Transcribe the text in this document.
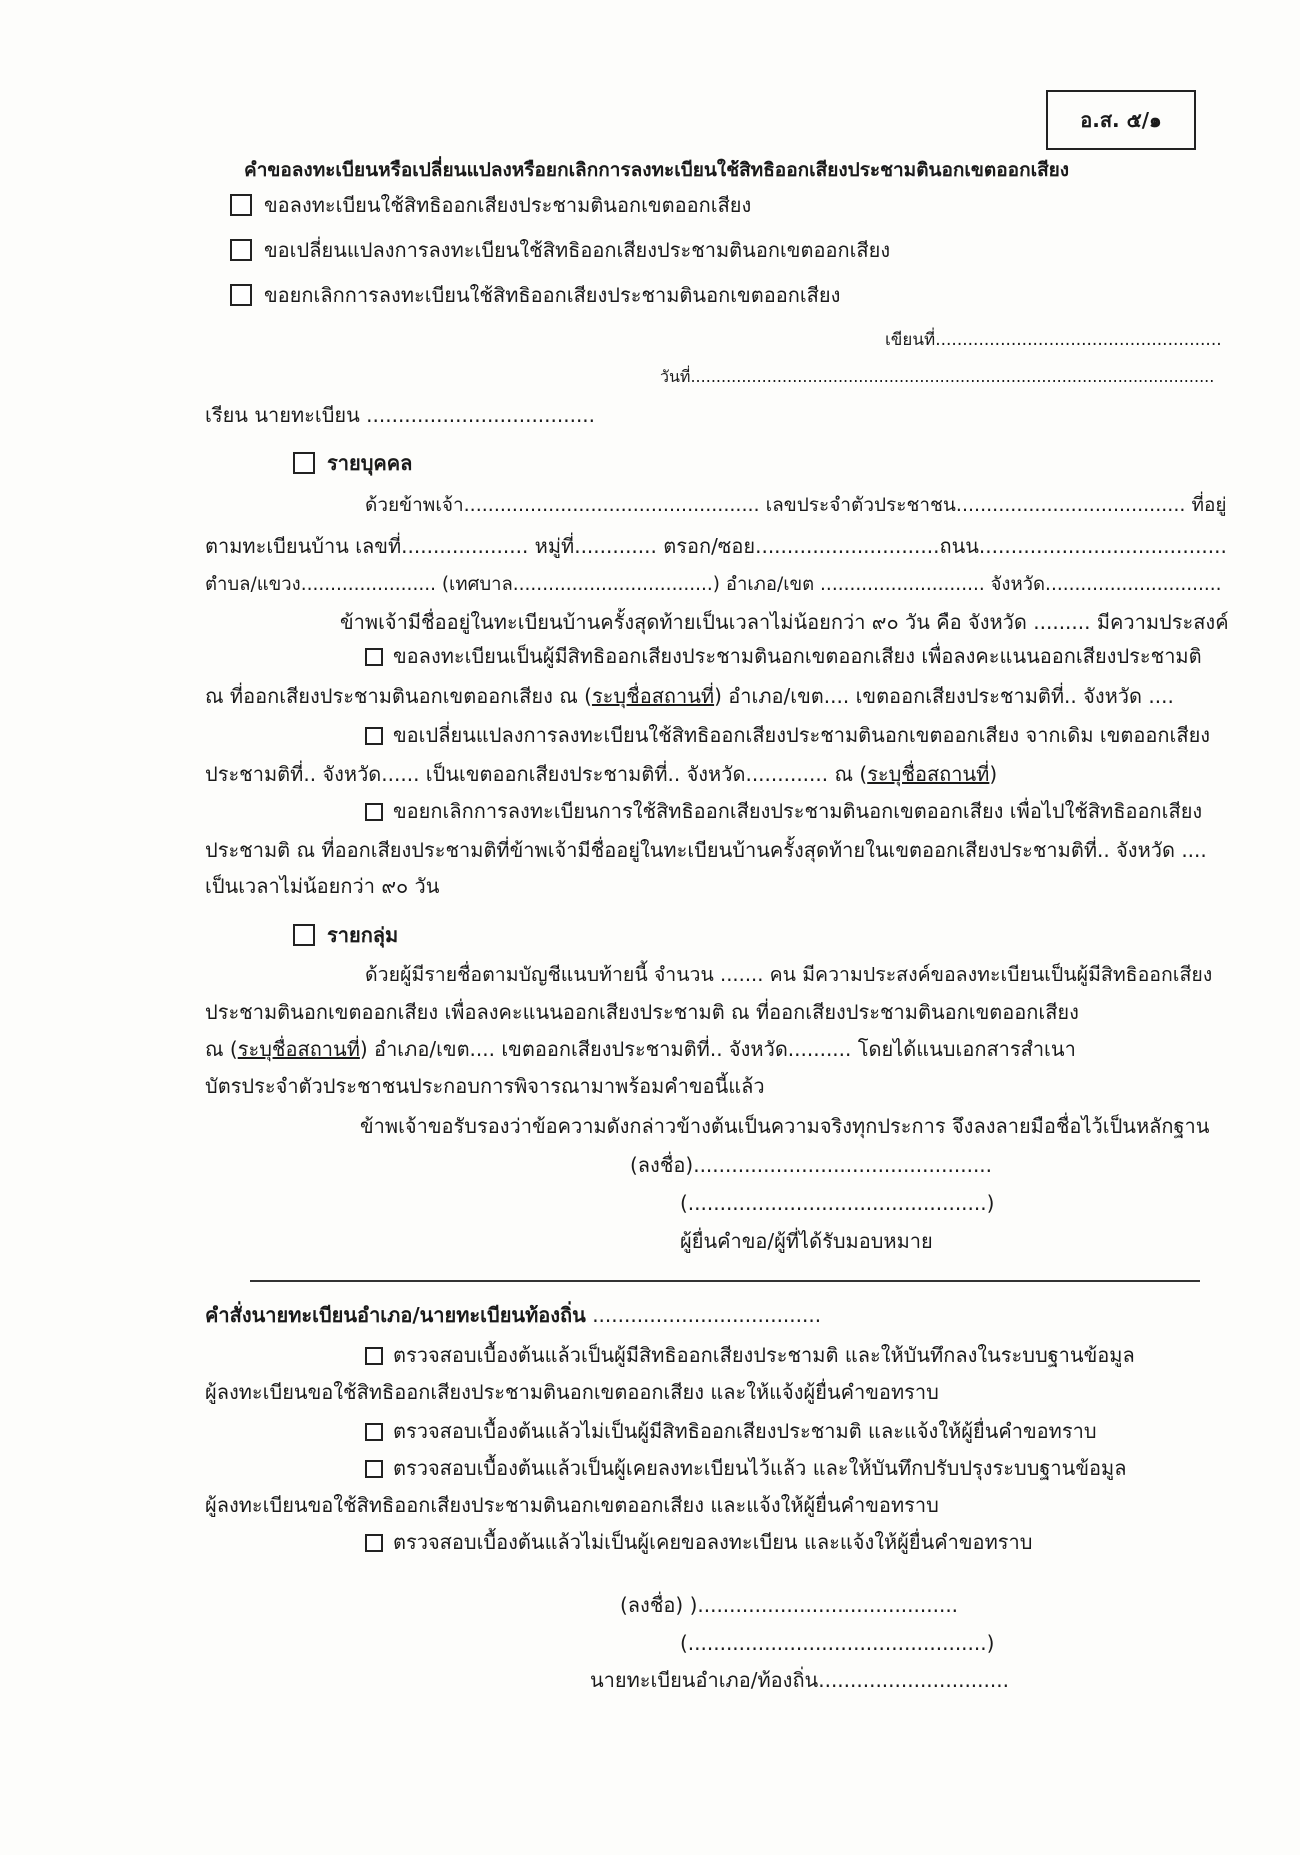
อ.ส. ๕/๑
คำขอลงทะเบียนหรือเปลี่ยนแปลงหรือยกเลิกการลงทะเบียนใช้สิทธิออกเสียงประชามตินอกเขตออกเสียง
ขอลงทะเบียนใช้สิทธิออกเสียงประชามตินอกเขตออกเสียง
ขอเปลี่ยนแปลงการลงทะเบียนใช้สิทธิออกเสียงประชามตินอกเขตออกเสียง
ขอยกเลิกการลงทะเบียนใช้สิทธิออกเสียงประชามตินอกเขตออกเสียง
เขียนที่.....................................................
วันที่.......................................................................................................
เรียน นายทะเบียน ....................................
รายบุคคล
ด้วยข้าพเจ้า................................................. เลขประจำตัวประชาชน...................................... ที่อยู่
ตามทะเบียนบ้าน เลขที่.................... หมู่ที่............. ตรอก/ซอย.............................ถนน.......................................
ตำบล/แขวง....................... (เทศบาล..................................) อำเภอ/เขต ............................ จังหวัด..............................
ข้าพเจ้ามีชื่ออยู่ในทะเบียนบ้านครั้งสุดท้ายเป็นเวลาไม่น้อยกว่า ๙๐ วัน คือ จังหวัด ......... มีความประสงค์
ขอลงทะเบียนเป็นผู้มีสิทธิออกเสียงประชามตินอกเขตออกเสียง เพื่อลงคะแนนออกเสียงประชามติ
ณ ที่ออกเสียงประชามตินอกเขตออกเสียง ณ (ระบุชื่อสถานที่) อำเภอ/เขต.... เขตออกเสียงประชามติที่.. จังหวัด ....
ขอเปลี่ยนแปลงการลงทะเบียนใช้สิทธิออกเสียงประชามตินอกเขตออกเสียง จากเดิม เขตออกเสียง
ประชามติที่.. จังหวัด...... เป็นเขตออกเสียงประชามติที่.. จังหวัด............. ณ (ระบุชื่อสถานที่)
ขอยกเลิกการลงทะเบียนการใช้สิทธิออกเสียงประชามตินอกเขตออกเสียง เพื่อไปใช้สิทธิออกเสียง
ประชามติ ณ ที่ออกเสียงประชามติที่ข้าพเจ้ามีชื่ออยู่ในทะเบียนบ้านครั้งสุดท้ายในเขตออกเสียงประชามติที่.. จังหวัด ....
เป็นเวลาไม่น้อยกว่า ๙๐ วัน
รายกลุ่ม
ด้วยผู้มีรายชื่อตามบัญชีแนบท้ายนี้ จำนวน ....... คน มีความประสงค์ขอลงทะเบียนเป็นผู้มีสิทธิออกเสียง
ประชามตินอกเขตออกเสียง เพื่อลงคะแนนออกเสียงประชามติ ณ ที่ออกเสียงประชามตินอกเขตออกเสียง
ณ (ระบุชื่อสถานที่) อำเภอ/เขต.... เขตออกเสียงประชามติที่.. จังหวัด.......... โดยได้แนบเอกสารสำเนา
บัตรประจำตัวประชาชนประกอบการพิจารณามาพร้อมคำขอนี้แล้ว
ข้าพเจ้าขอรับรองว่าข้อความดังกล่าวข้างต้นเป็นความจริงทุกประการ จึงลงลายมือชื่อไว้เป็นหลักฐาน
(ลงชื่อ)...............................................
(...............................................)
ผู้ยื่นคำขอ/ผู้ที่ได้รับมอบหมาย
คำสั่งนายทะเบียนอำเภอ/นายทะเบียนท้องถิ่น ....................................
ตรวจสอบเบื้องต้นแล้วเป็นผู้มีสิทธิออกเสียงประชามติ และให้บันทึกลงในระบบฐานข้อมูล
ผู้ลงทะเบียนขอใช้สิทธิออกเสียงประชามตินอกเขตออกเสียง และให้แจ้งผู้ยื่นคำขอทราบ
ตรวจสอบเบื้องต้นแล้วไม่เป็นผู้มีสิทธิออกเสียงประชามติ และแจ้งให้ผู้ยื่นคำขอทราบ
ตรวจสอบเบื้องต้นแล้วเป็นผู้เคยลงทะเบียนไว้แล้ว และให้บันทึกปรับปรุงระบบฐานข้อมูล
ผู้ลงทะเบียนขอใช้สิทธิออกเสียงประชามตินอกเขตออกเสียง และแจ้งให้ผู้ยื่นคำขอทราบ
ตรวจสอบเบื้องต้นแล้วไม่เป็นผู้เคยขอลงทะเบียน และแจ้งให้ผู้ยื่นคำขอทราบ
(ลงชื่อ) ).........................................
(...............................................)
นายทะเบียนอำเภอ/ท้องถิ่น..............................
